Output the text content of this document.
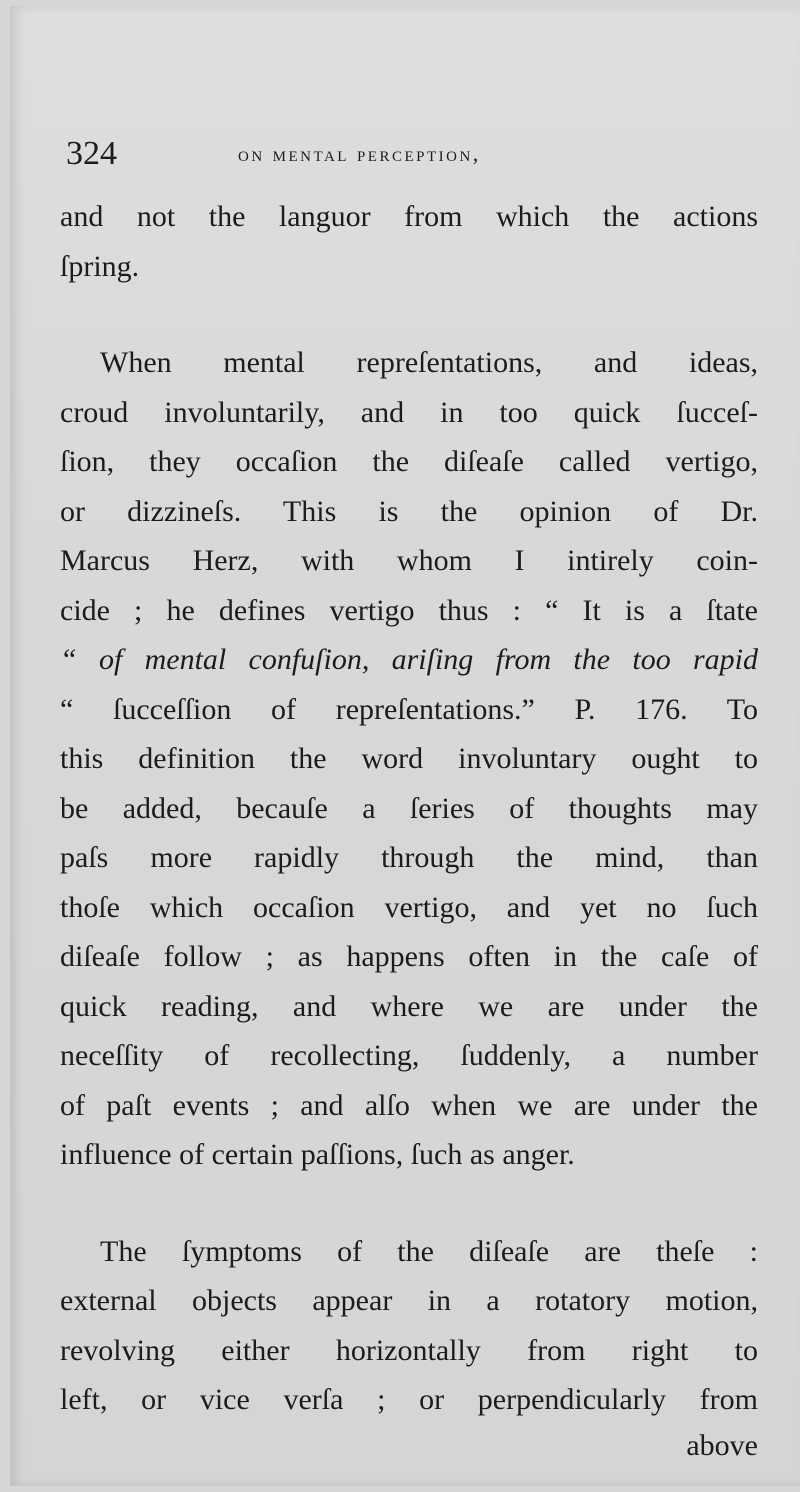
324	on mental perception,
and not the languor from which the actions
ſpring.
When mental repreſentations, and ideas,
croud involuntarily, and in too quick ſucceſ-
ſion, they occaſion the diſeaſe called vertigo,
or dizzineſs. This is the opinion of Dr.
Marcus Herz, with whom I intirely coin-
cide ; he defines vertigo thus : “ It is a ſtate
“ of mental confuſion, ariſing from the too rapid
“ ſucceſſion of repreſentations.” P. 176. To
this definition the word involuntary ought to
be added, becauſe a ſeries of thoughts may
paſs more rapidly through the mind, than
thoſe which occaſion vertigo, and yet no ſuch
diſeaſe follow ; as happens often in the caſe of
quick reading, and where we are under the
neceſſity of recollecting, ſuddenly, a number
of paſt events ; and alſo when we are under the
influence of certain paſſions, ſuch as anger.
The ſymptoms of the diſeaſe are theſe :
external objects appear in a rotatory motion,
revolving either horizontally from right to
left, or vice verſa ; or perpendicularly from
above
